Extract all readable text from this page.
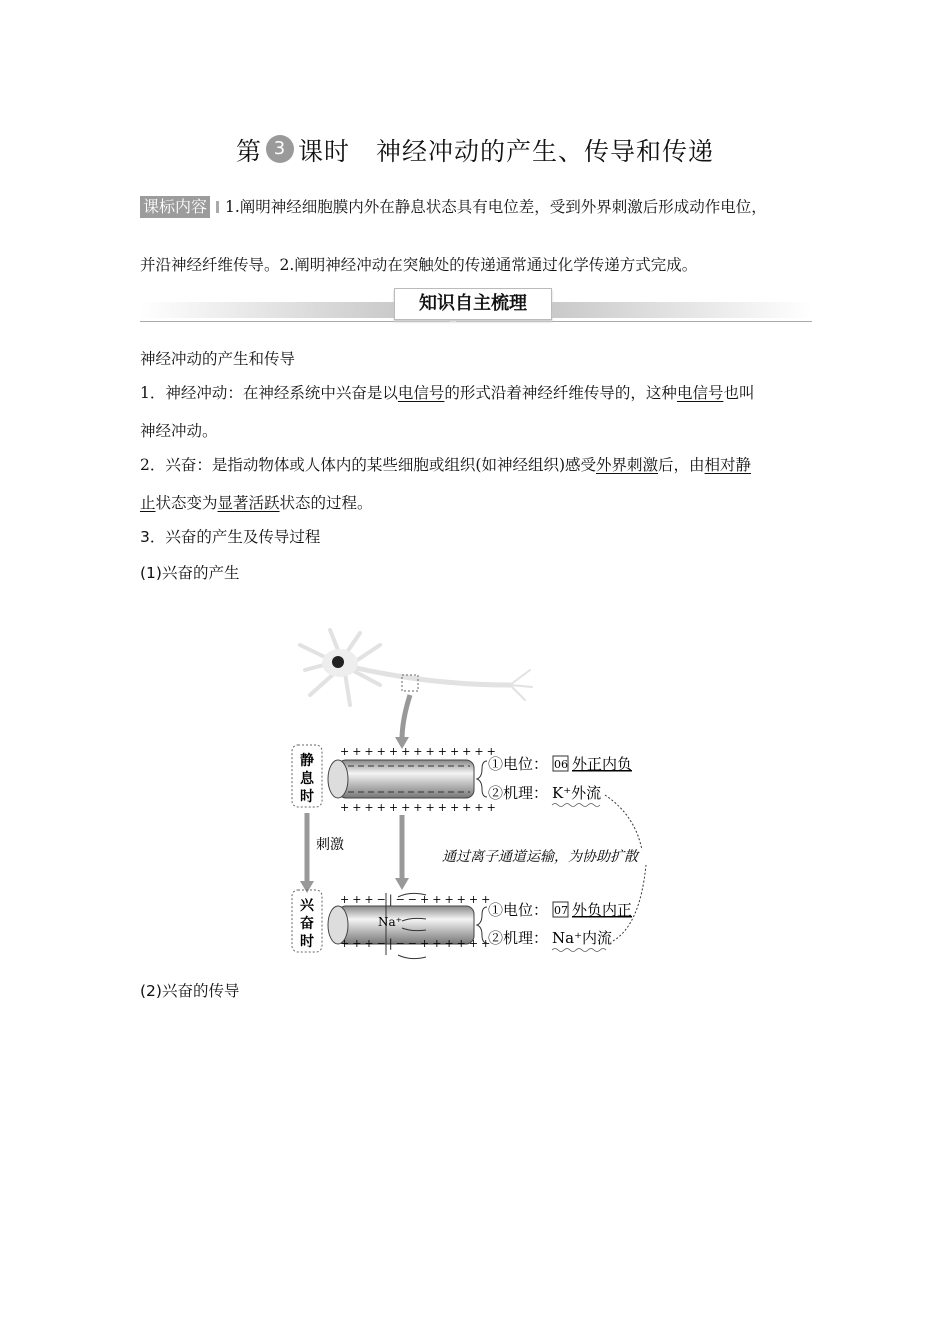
第 3 课时　神经冲动的产生、传导和传递
课标内容 1.阐明神经细胞膜内外在静息状态具有电位差，受到外界刺激后形成动作电位，
并沿神经纤维传导。2.阐明神经冲动在突触处的传递通常通过化学传递方式完成。
知识自主梳理
神经冲动的产生和传导
1．神经冲动：在神经系统中兴奋是以电信号的形式沿着神经纤维传导的，这种电信号也叫
神经冲动。
2．兴奋：是指动物体或人体内的某些细胞或组织(如神经组织)感受外界刺激后，由相对静
止状态变为显著活跃状态的过程。
3．兴奋的产生及传导过程
(1)兴奋的产生
静
息
时
+++++++++++++
+++++++++++++
①电位： 06 外正内负
②机理： K⁺外流
刺激
通过离子通道运输，为协助扩散
兴
奋
时
+++−|−−++++++
+++−|−−++++++
Na⁺
①电位： 07 外负内正
②机理： Na⁺内流
(2)兴奋的传导
